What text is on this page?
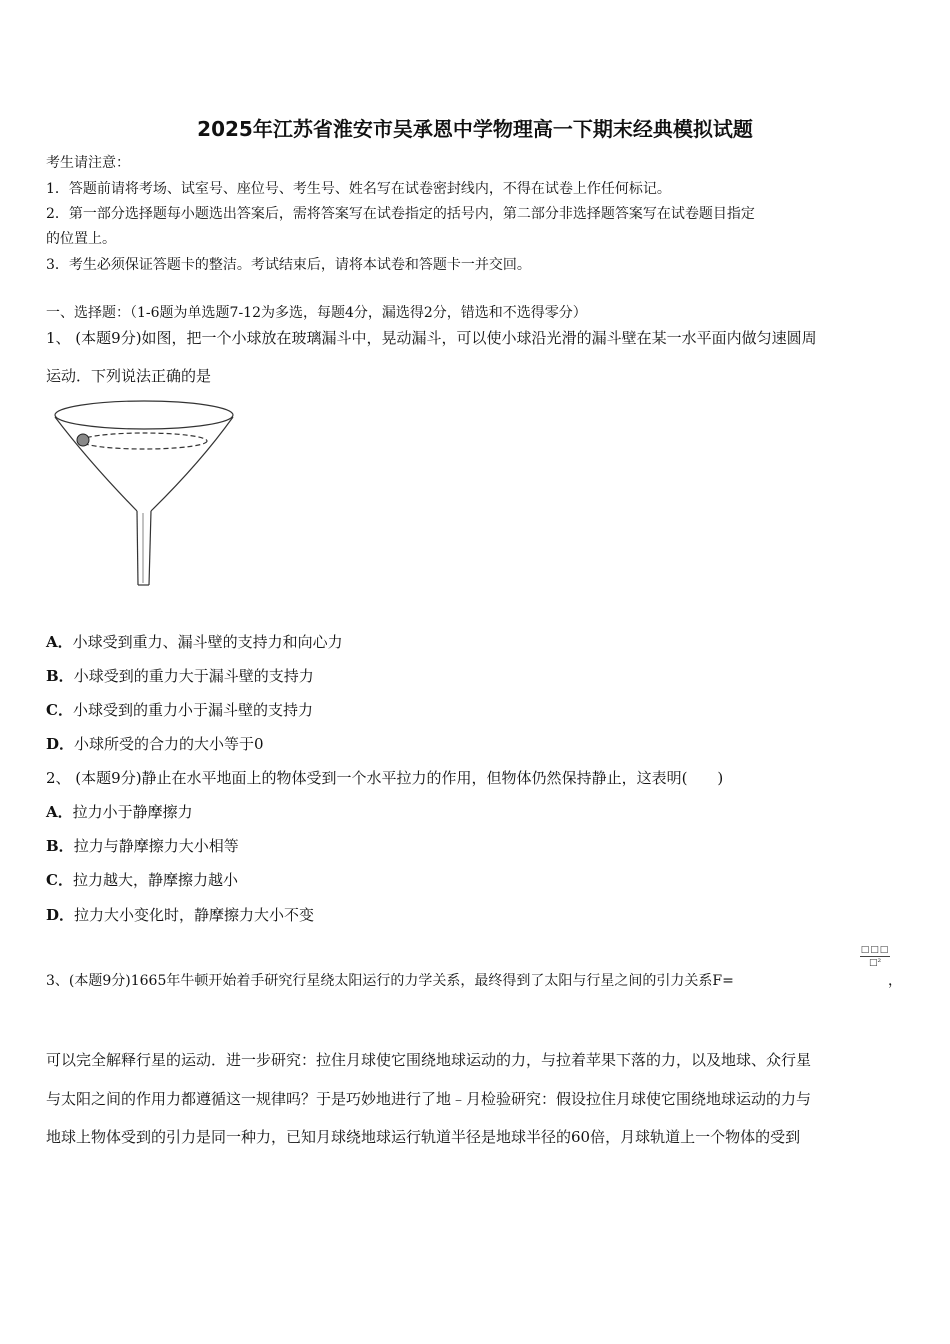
2025年江苏省淮安市吴承恩中学物理高一下期末经典模拟试题
考生请注意：
1．答题前请将考场、试室号、座位号、考生号、姓名写在试卷密封线内，不得在试卷上作任何标记。
2．第一部分选择题每小题选出答案后，需将答案写在试卷指定的括号内，第二部分非选择题答案写在试卷题目指定
的位置上。
3．考生必须保证答题卡的整洁。考试结束后，请将本试卷和答题卡一并交回。
一、选择题：（1-6题为单选题7-12为多选，每题4分，漏选得2分，错选和不选得零分）
1、 (本题9分)如图，把一个小球放在玻璃漏斗中，晃动漏斗，可以使小球沿光滑的漏斗壁在某一水平面内做匀速圆周
运动．下列说法正确的是
A．小球受到重力、漏斗壁的支持力和向心力
B．小球受到的重力大于漏斗壁的支持力
C．小球受到的重力小于漏斗壁的支持力
D．小球所受的合力的大小等于0
2、 (本题9分)静止在水平地面上的物体受到一个水平拉力的作用，但物体仍然保持静止，这表明(　　)
A．拉力小于静摩擦力
B．拉力与静摩擦力大小相等
C．拉力越大，静摩擦力越小
D．拉力大小变化时，静摩擦力大小不变
3、(本题9分)1665年牛顿开始着手研究行星绕太阳运行的力学关系，最终得到了太阳与行星之间的引力关系F=
□□□
□²
，
可以完全解释行星的运动．进一步研究：拉住月球使它围绕地球运动的力，与拉着苹果下落的力，以及地球、众行星
与太阳之间的作用力都遵循这一规律吗？于是巧妙地进行了地﹣月检验研究：假设拉住月球使它围绕地球运动的力与
地球上物体受到的引力是同一种力，已知月球绕地球运行轨道半径是地球半径的60倍，月球轨道上一个物体的受到
